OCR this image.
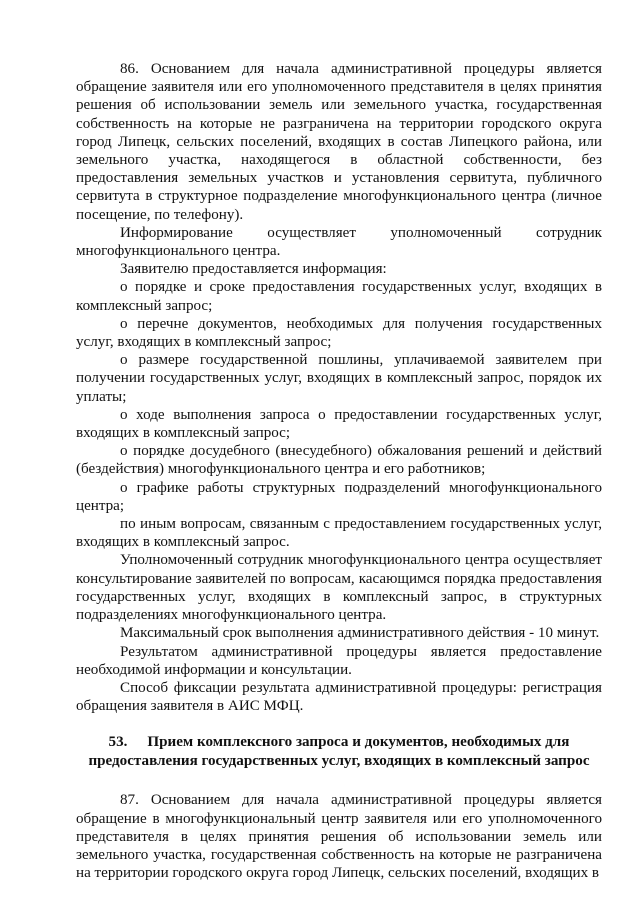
86. Основанием для начала административной процедуры является обращение заявителя или его уполномоченного представителя в целях принятия решения об использовании земель или земельного участка, государственная собственность на которые не разграничена на территории городского округа город Липецк, сельских поселений, входящих в состав Липецкого района, или земельного участка, находящегося в областной собственности, без предоставления земельных участков и установления сервитута, публичного сервитута в структурное подразделение многофункционального центра (личное посещение, по телефону).

Информирование осуществляет уполномоченный сотрудник многофункционального центра.

Заявителю предоставляется информация:

о порядке и сроке предоставления государственных услуг, входящих в комплексный запрос;

о перечне документов, необходимых для получения государственных услуг, входящих в комплексный запрос;

о размере государственной пошлины, уплачиваемой заявителем при получении государственных услуг, входящих в комплексный запрос, порядок их уплаты;

о ходе выполнения запроса о предоставлении государственных услуг, входящих в комплексный запрос;

о порядке досудебного (внесудебного) обжалования решений и действий (бездействия) многофункционального центра и его работников;

о графике работы структурных подразделений многофункционального центра;

по иным вопросам, связанным с предоставлением государственных услуг, входящих в комплексный запрос.

Уполномоченный сотрудник многофункционального центра осуществляет консультирование заявителей по вопросам, касающимся порядка предоставления государственных услуг, входящих в комплексный запрос, в структурных подразделениях многофункционального центра.

Максимальный срок выполнения административного действия - 10 минут.

Результатом административной процедуры является предоставление необходимой информации и консультации.

Способ фиксации результата административной процедуры: регистрация обращения заявителя в АИС МФЦ.

53. Прием комплексного запроса и документов, необходимых для предоставления государственных услуг, входящих в комплексный запрос

87. Основанием для начала административной процедуры является обращение в многофункциональный центр заявителя или его уполномоченного представителя в целях принятия решения об использовании земель или земельного участка, государственная собственность на которые не разграничена на территории городского округа город Липецк, сельских поселений, входящих в
